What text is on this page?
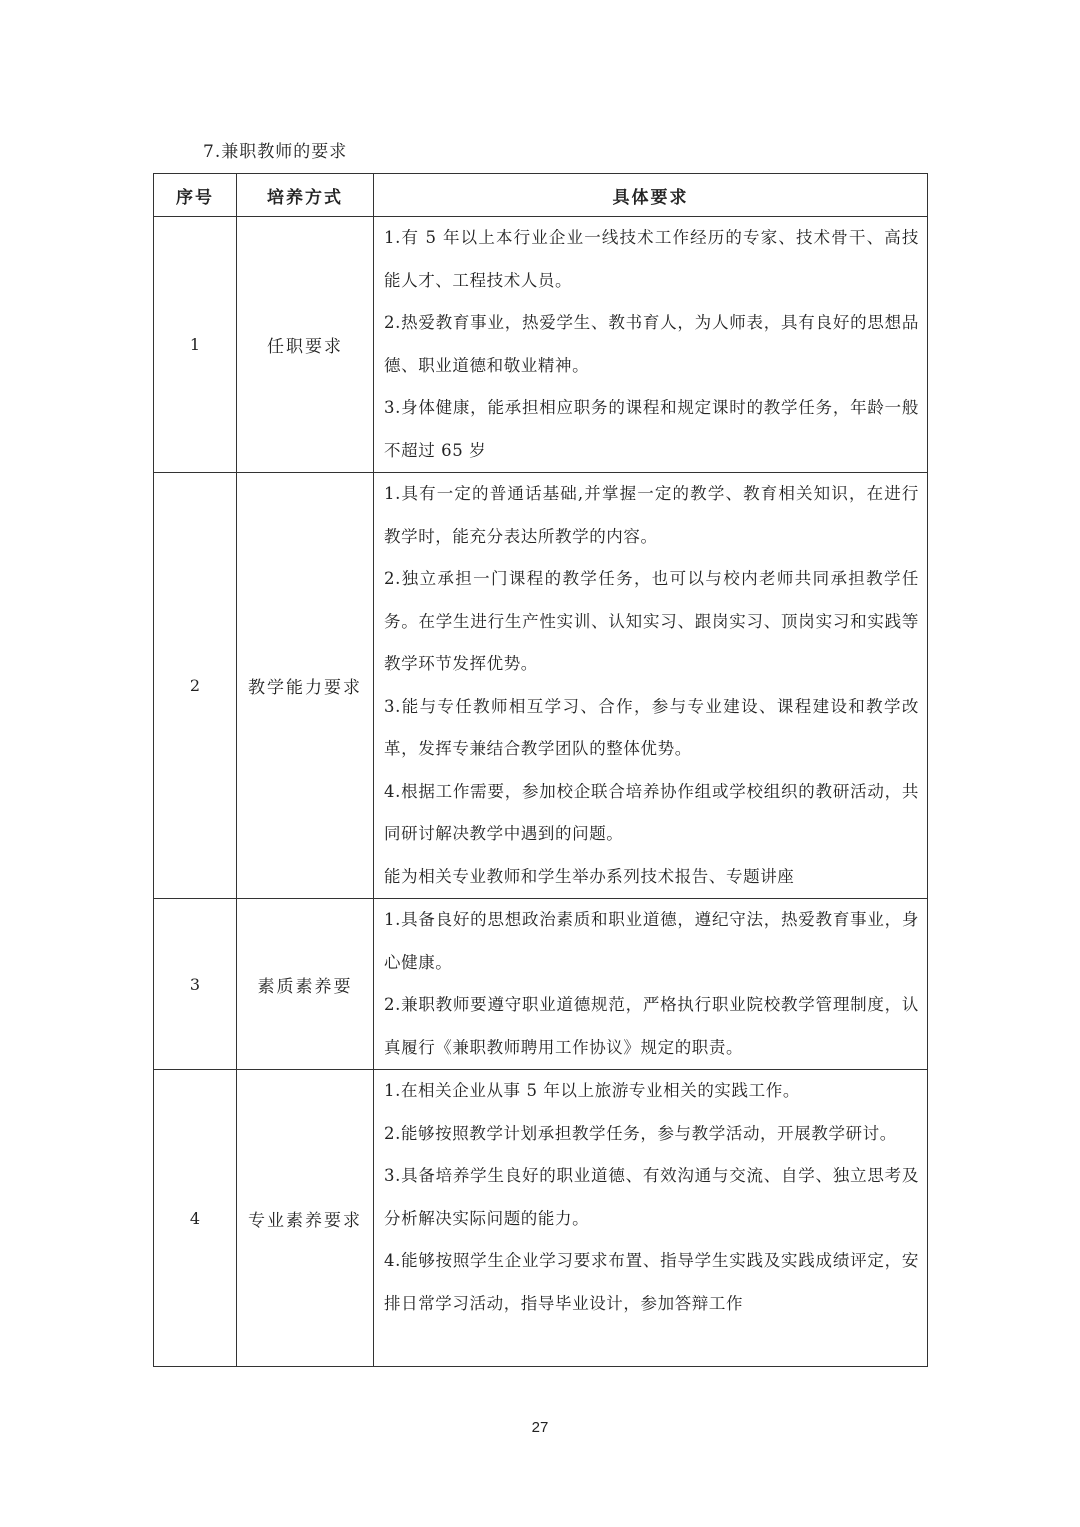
7.兼职教师的要求
序号	培养方式	具体要求
1	任职要求	1.有 5 年以上本行业企业一线技术工作经历的专家、技术骨干、高技能人才、工程技术人员。

2.热爱教育事业，热爱学生、教书育人，为人师表，具有良好的思想品德、职业道德和敬业精神。

3.身体健康，能承担相应职务的课程和规定课时的教学任务，年龄一般不超过 65 岁

2	教学能力要求	1.具有一定的普通话基础,并掌握一定的教学、教育相关知识，在进行教学时，能充分表达所教学的内容。

2.独立承担一门课程的教学任务，也可以与校内老师共同承担教学任务。在学生进行生产性实训、认知实习、跟岗实习、顶岗实习和实践等教学环节发挥优势。

3.能与专任教师相互学习、合作，参与专业建设、课程建设和教学改革，发挥专兼结合教学团队的整体优势。

4.根据工作需要，参加校企联合培养协作组或学校组织的教研活动，共同研讨解决教学中遇到的问题。

能为相关专业教师和学生举办系列技术报告、专题讲座

3	素质素养要	1.具备良好的思想政治素质和职业道德，遵纪守法，热爱教育事业，身心健康。

2.兼职教师要遵守职业道德规范，严格执行职业院校教学管理制度，认真履行《兼职教师聘用工作协议》规定的职责。

4	专业素养要求	1.在相关企业从事 5 年以上旅游专业相关的实践工作。

2.能够按照教学计划承担教学任务，参与教学活动，开展教学研讨。

3.具备培养学生良好的职业道德、有效沟通与交流、自学、独立思考及分析解决实际问题的能力。

4.能够按照学生企业学习要求布置、指导学生实践及实践成绩评定，安排日常学习活动，指导毕业设计，参加答辩工作

27
